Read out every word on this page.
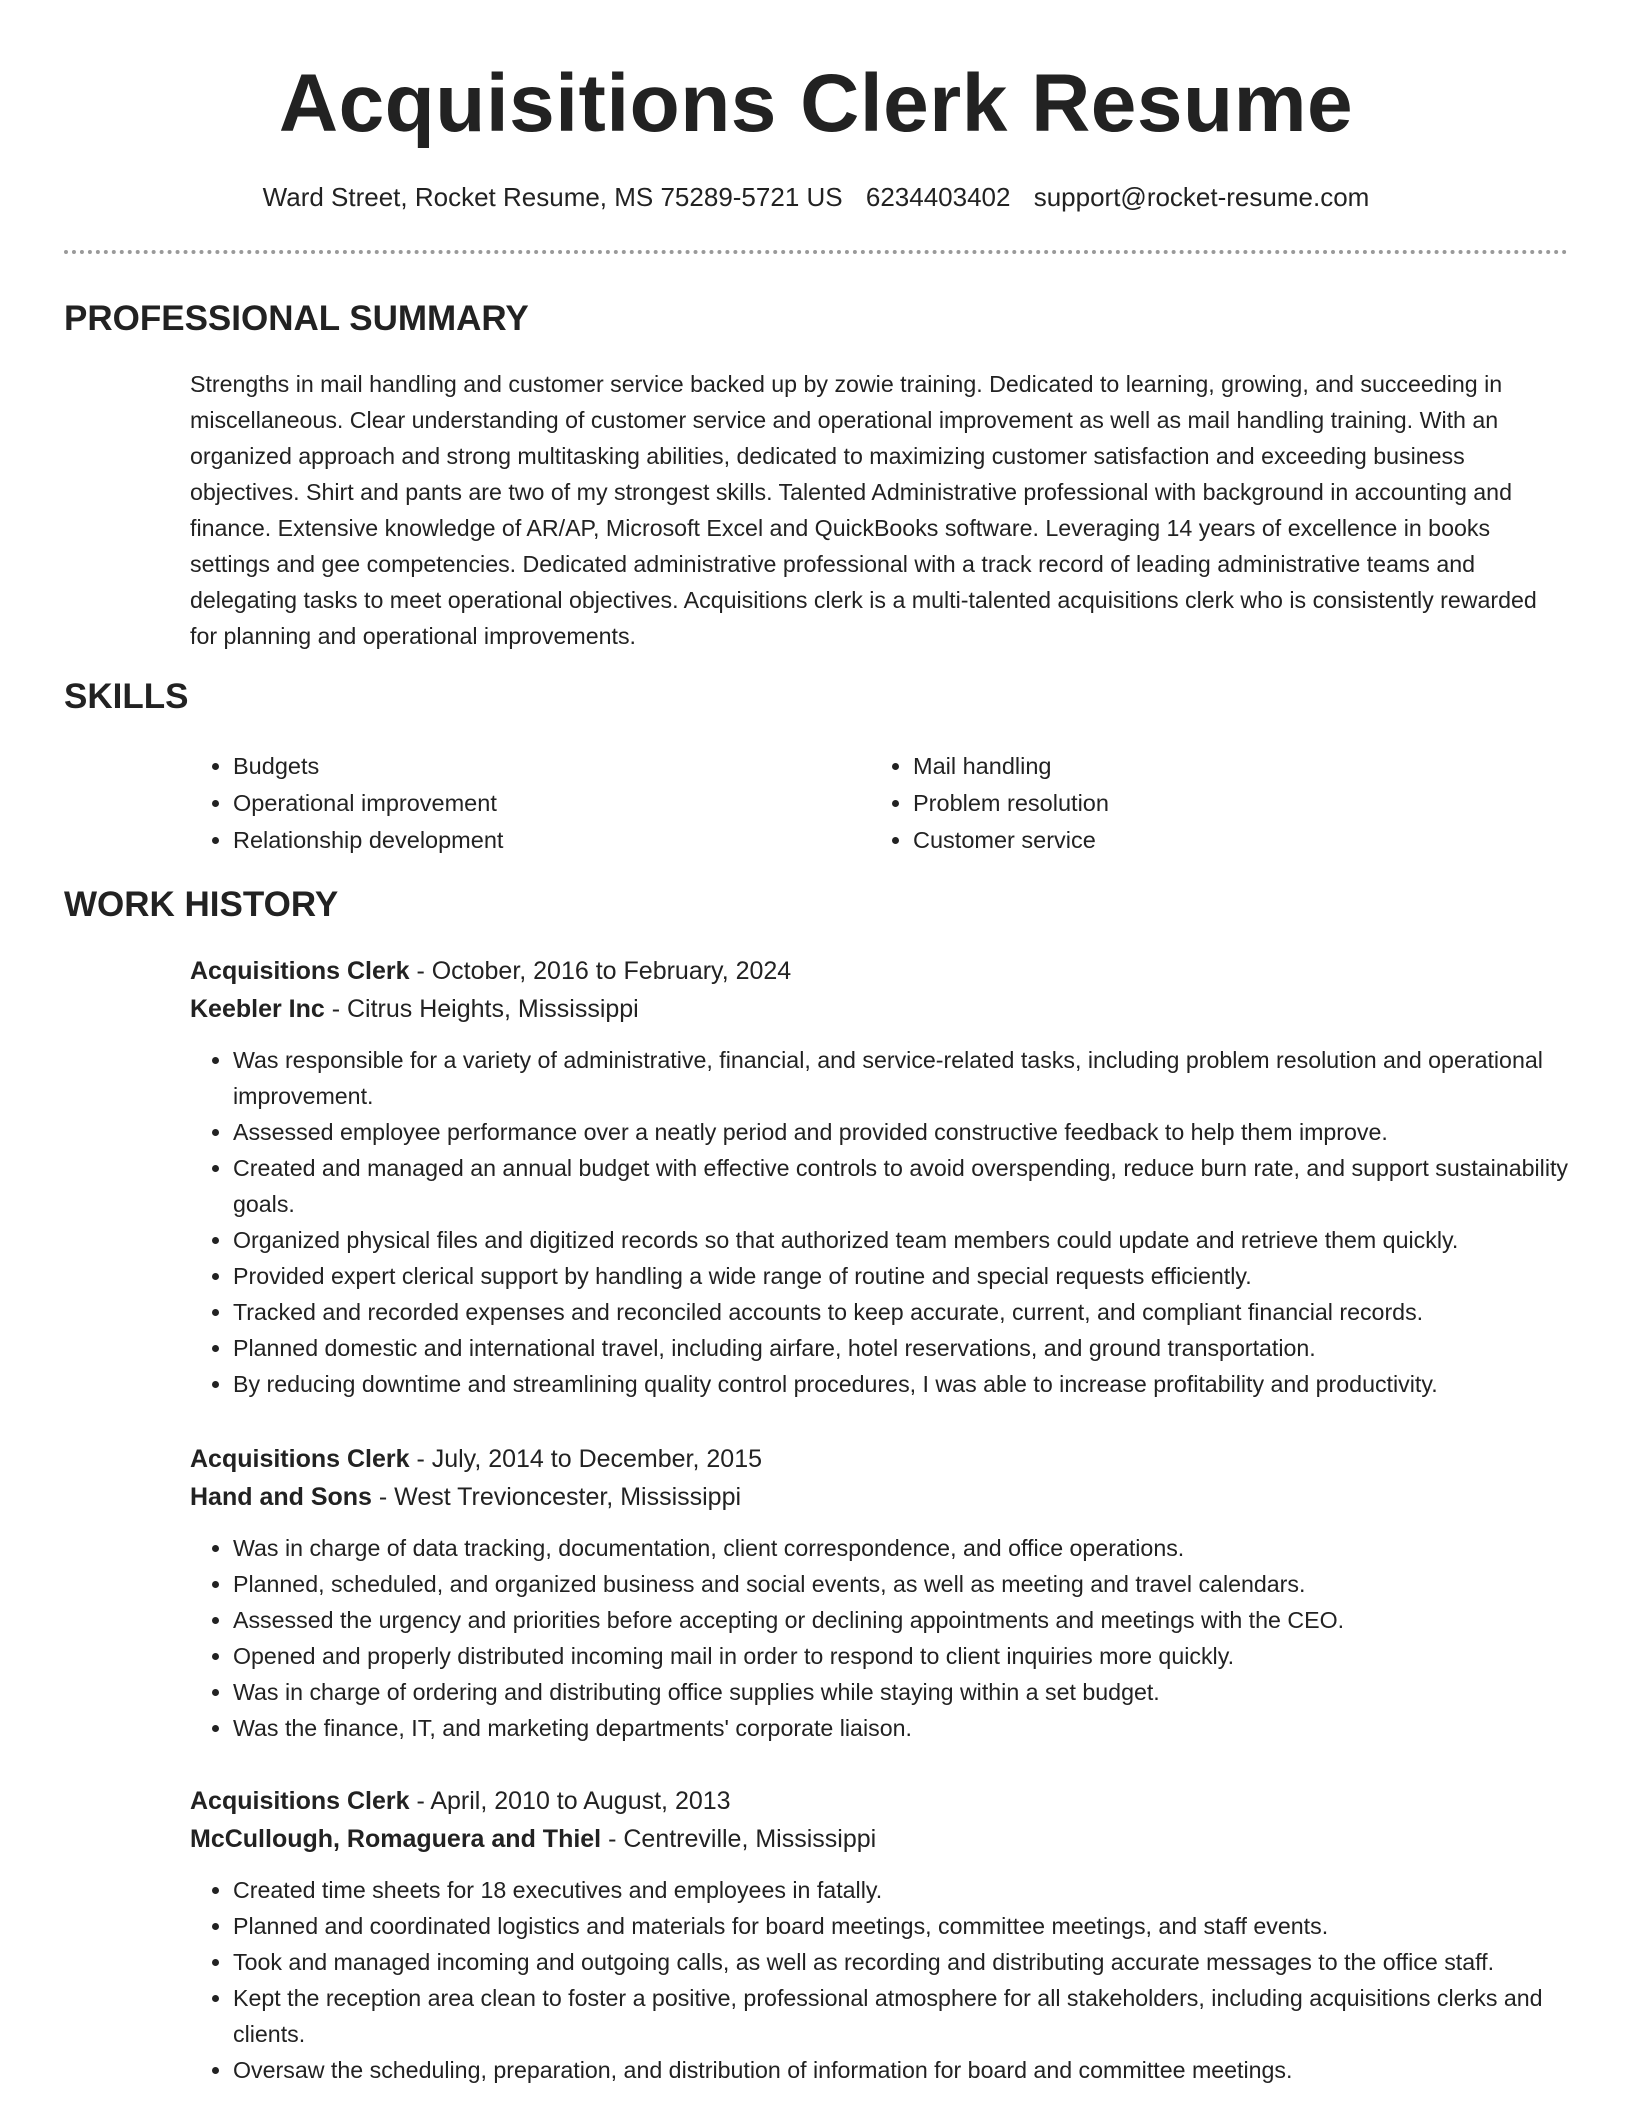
Acquisitions Clerk Resume
Ward Street, Rocket Resume, MS 75289-5721 US 6234403402 support@rocket-resume.com
PROFESSIONAL SUMMARY

Strengths in mail handling and customer service backed up by zowie training. Dedicated to learning, growing, and succeeding in miscellaneous. Clear understanding of customer service and operational improvement as well as mail handling training. With an organized approach and strong multitasking abilities, dedicated to maximizing customer satisfaction and exceeding business objectives. Shirt and pants are two of my strongest skills. Talented Administrative professional with background in accounting and finance. Extensive knowledge of AR/AP, Microsoft Excel and QuickBooks software. Leveraging 14 years of excellence in books settings and gee competencies. Dedicated administrative professional with a track record of leading administrative teams and delegating tasks to meet operational objectives. Acquisitions clerk is a multi-talented acquisitions clerk who is consistently rewarded for planning and operational improvements.

SKILLS
• Budgets
• Operational improvement
• Relationship development
• Mail handling
• Problem resolution
• Customer service
WORK HISTORY
Acquisitions Clerk - October, 2016 to February, 2024
Keebler Inc - Citrus Heights, Mississippi
• Was responsible for a variety of administrative, financial, and service-related tasks, including problem resolution and operational improvement.
• Assessed employee performance over a neatly period and provided constructive feedback to help them improve.
• Created and managed an annual budget with effective controls to avoid overspending, reduce burn rate, and support sustainability goals.
• Organized physical files and digitized records so that authorized team members could update and retrieve them quickly.
• Provided expert clerical support by handling a wide range of routine and special requests efficiently.
• Tracked and recorded expenses and reconciled accounts to keep accurate, current, and compliant financial records.
• Planned domestic and international travel, including airfare, hotel reservations, and ground transportation.
• By reducing downtime and streamlining quality control procedures, I was able to increase profitability and productivity.
Acquisitions Clerk - July, 2014 to December, 2015
Hand and Sons - West Trevioncester, Mississippi
• Was in charge of data tracking, documentation, client correspondence, and office operations.
• Planned, scheduled, and organized business and social events, as well as meeting and travel calendars.
• Assessed the urgency and priorities before accepting or declining appointments and meetings with the CEO.
• Opened and properly distributed incoming mail in order to respond to client inquiries more quickly.
• Was in charge of ordering and distributing office supplies while staying within a set budget.
• Was the finance, IT, and marketing departments' corporate liaison.
Acquisitions Clerk - April, 2010 to August, 2013
McCullough, Romaguera and Thiel - Centreville, Mississippi
• Created time sheets for 18 executives and employees in fatally.
• Planned and coordinated logistics and materials for board meetings, committee meetings, and staff events.
• Took and managed incoming and outgoing calls, as well as recording and distributing accurate messages to the office staff.
• Kept the reception area clean to foster a positive, professional atmosphere for all stakeholders, including acquisitions clerks and clients.
• Oversaw the scheduling, preparation, and distribution of information for board and committee meetings.
